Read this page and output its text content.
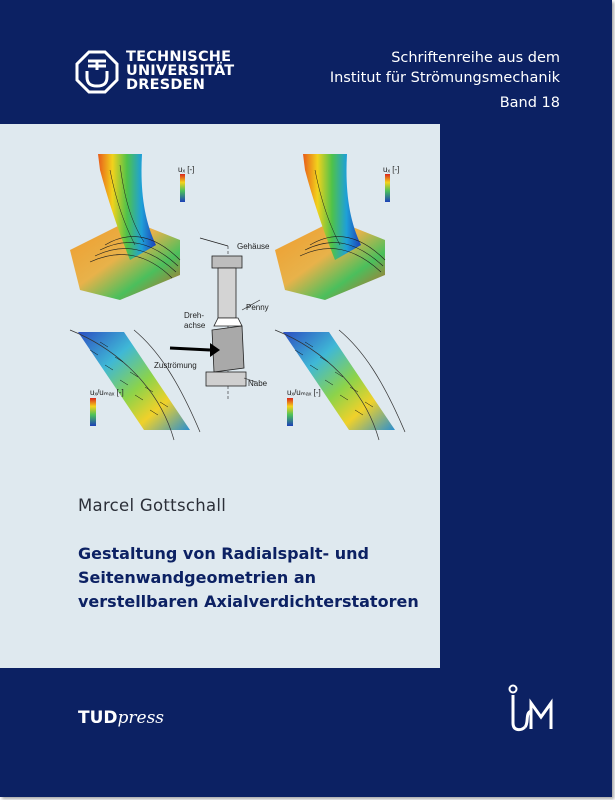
TECHNISCHE
UNIVERSITÄT
DRESDEN
Schriftenreihe aus dem
Institut für Strömungsmechanik
Band 18
uₓ [-]	uₓ [-]
Gehäuse
Penny
Dreh-
achse
Zuströmung
Nabe
uₓ/uₘₐₓ [-]	uₓ/uₘₐₓ [-]
Marcel Gottschall
Gestaltung von Radialspalt- und
Seitenwandgeometrien an
verstellbaren Axialverdichterstatoren
TUDpress
